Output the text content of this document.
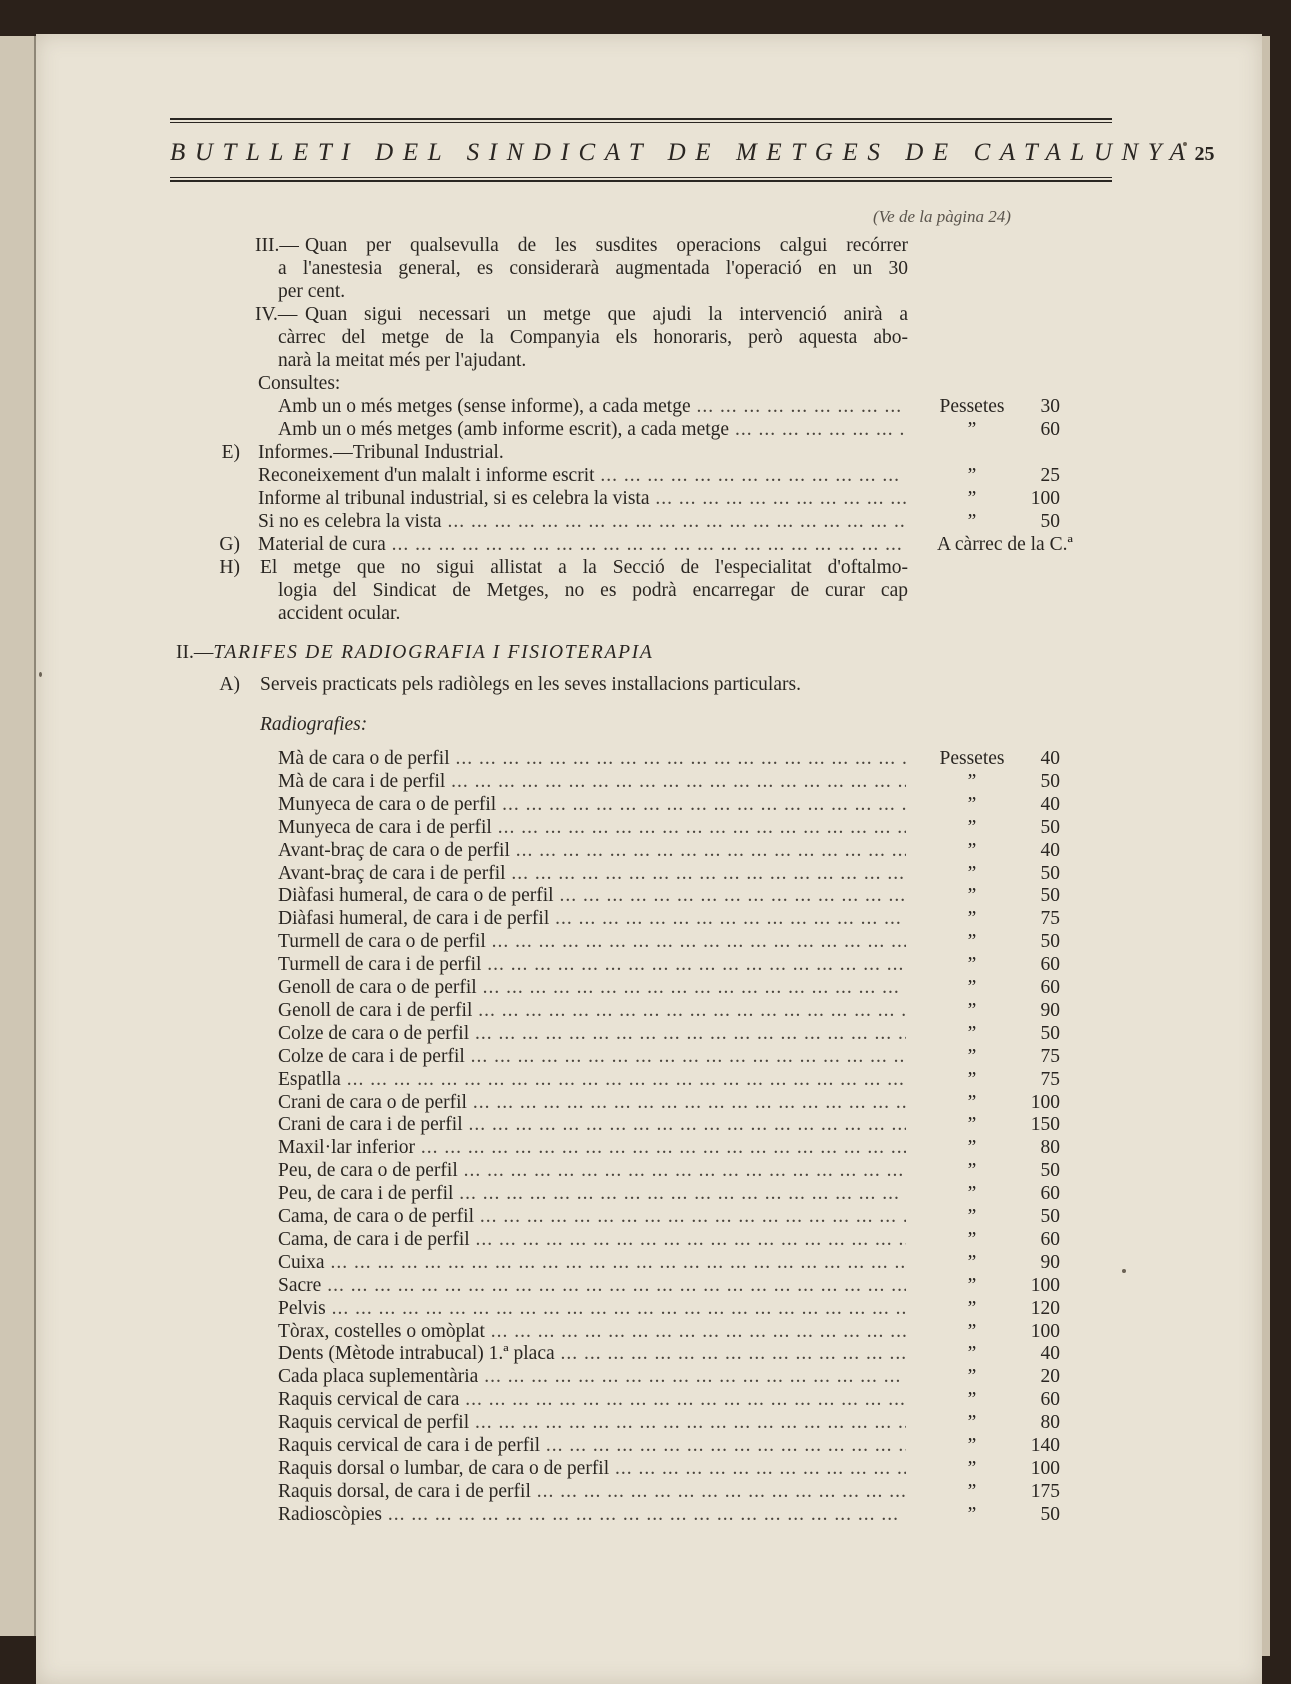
BUTLLETI DEL SINDICAT DE METGES DE CATALUNYA 25
(Ve de la pàgina 24)
III.— Quan per qualsevulla de les susdites operacions calgui recórrer
a l'anestesia general, es considerarà augmentada l'operació en un 30
per cent.
IV.— Quan sigui necessari un metge que ajudi la intervenció anirà a
càrrec del metge de la Companyia els honoraris, però aquesta abo-
narà la meitat més per l'ajudant.
Consultes:
Amb un o més metges (sense informe), a cada metge ... .	Pessetes	30
Amb un o més metges (amb informe escrit), a cada metge ... .	”	60
E) Informes.—Tribunal Industrial.
Reconeixement d'un malalt i informe escrit ... .	”	25
Informe al tribunal industrial, si es celebra la vista ... .	”	100
Si no es celebra la vista ... .	”	50
G) Material de cura ... .	A càrrec de la C.ª
H) El metge que no sigui allistat a la Secció de l'especialitat d'oftalmo-
logia del Sindicat de Metges, no es podrà encarregar de curar cap
accident ocular.
II.—TARIFES DE RADIOGRAFIA I FISIOTERAPIA
A) Serveis practicats pels radiòlegs en les seves installacions particulars.
Radiografies:
Mà de cara o de perfil ... .	Pessetes	40
Mà de cara i de perfil ... .	”	50
Munyeca de cara o de perfil ... .	”	40
Munyeca de cara i de perfil ... .	”	50
Avant-braç de cara o de perfil ... .	”	40
Avant-braç de cara i de perfil ... .	”	50
Diàfasi humeral, de cara o de perfil ... .	”	50
Diàfasi humeral, de cara i de perfil ... .	”	75
Turmell de cara o de perfil ... .	”	50
Turmell de cara i de perfil ... .	”	60
Genoll de cara o de perfil ... .	”	60
Genoll de cara i de perfil ... .	”	90
Colze de cara o de perfil ... .	”	50
Colze de cara i de perfil ... .	”	75
Espatlla ... .	”	75
Crani de cara o de perfil ... .	”	100
Crani de cara i de perfil ... .	”	150
Maxil·lar inferior ... .	”	80
Peu, de cara o de perfil ... .	”	50
Peu, de cara i de perfil ... .	”	60
Cama, de cara o de perfil ... .	”	50
Cama, de cara i de perfil ... .	”	60
Cuixa ... .	”	90
Sacre ... .	”	100
Pelvis ... .	”	120
Tòrax, costelles o omòplat ... .	”	100
Dents (Mètode intrabucal) 1.ª placa ... .	”	40
Cada placa suplementària ... .	”	20
Raquis cervical de cara ... .	”	60
Raquis cervical de perfil ... .	”	80
Raquis cervical de cara i de perfil ... .	”	140
Raquis dorsal o lumbar, de cara o de perfil ... .	”	100
Raquis dorsal, de cara i de perfil ... .	”	175
Radioscòpies ... .	”	50
